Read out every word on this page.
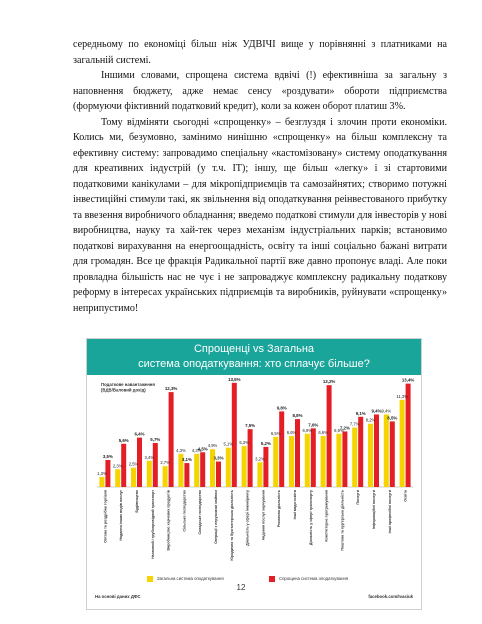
середньому по економіці більш ніж УДВІЧІ вище у порівнянні з платниками на загальній системі.

Іншими словами, спрощена система вдвічі (!) ефективніша за загальну з наповнення бюджету, адже немає сенсу «роздувати» обороти підприємства (формуючи фіктивний податковий кредит), коли за кожен оборот платиш 3%.

Тому відміняти сьогодні «спрощенку» – безглуздя і злочин проти економіки. Колись ми, безумовно, замінимо нинішню «спрощенку» на більш комплексну та ефективну систему: запровадимо спеціальну «кастомізовану» систему оподаткування для креативних індустрій (у т.ч. ІТ); іншу, ще більш «легку» і зі стартовими податковими канікулами – для мікропідприємців та самозайнятих; створимо потужні інвестиційні стимули такі, як звільнення від оподаткування реінвестованого прибутку та ввезення виробничого обладнання; введемо податкові стимули для інвесторів у нові виробництва, науку та хай-тек через механізм індустріальних парків; встановимо податкові вирахування на енергоощадність, освіту та інші соціально бажані витрати для громадян. Все це фракція Радикальної партії вже давно пропонує владі. Але поки провладна більшість нас не чує і не запроваджує комплексну радикальну податкову реформу в інтересах українських підприємців та виробників, руйнувати «спрощенку» неприпустимо!

Спрощенці vs Загальна
система оподаткування: хто сплачує більше?
Податкове навантаження (ВДВ/Валовий дохід)
1,3%
3,5%
Оптова та роздрібна торгівля
2,3%
5,6%
Надання інших видів послуг
2,5%
6,4%
Будівництво
3,4%
5,7%
Наземний і трубопровідний транспорт
2,7%
12,3%
Виробництво харчових продуктів
4,3%
3,1%
Сільське господарство
4,3%
4,5%
Складське господарство
4,9%
3,3%
Операції з нерухомим майном
5,1%
13,5%
Юридична та бухгалтерська діяльність
5,3%
7,5%
Діяльність у сфері інжинірингу
3,2%
5,2%
Надання послуг харчування
6,5%
9,8%
Рекламна діяльність
6,6%
8,8%
Інші види освіти
6,9%
7,6%
Діяльність у сфері транспорту
6,6%
13,2%
Комп'ютерне програмування
6,9%
7,2%
Поштова та кур'єрська діяльність
7,7%
9,1%
Послуги
8,2%
9,4%
Інформаційні послуги
9,4%
8,5%
Інші професійні послуги
11,3%
13,4%
Освіта
Загальна система оподаткування	Спрощена система оподаткування
На основі даних ДФС	facebook.com/Ivasiuk
12
